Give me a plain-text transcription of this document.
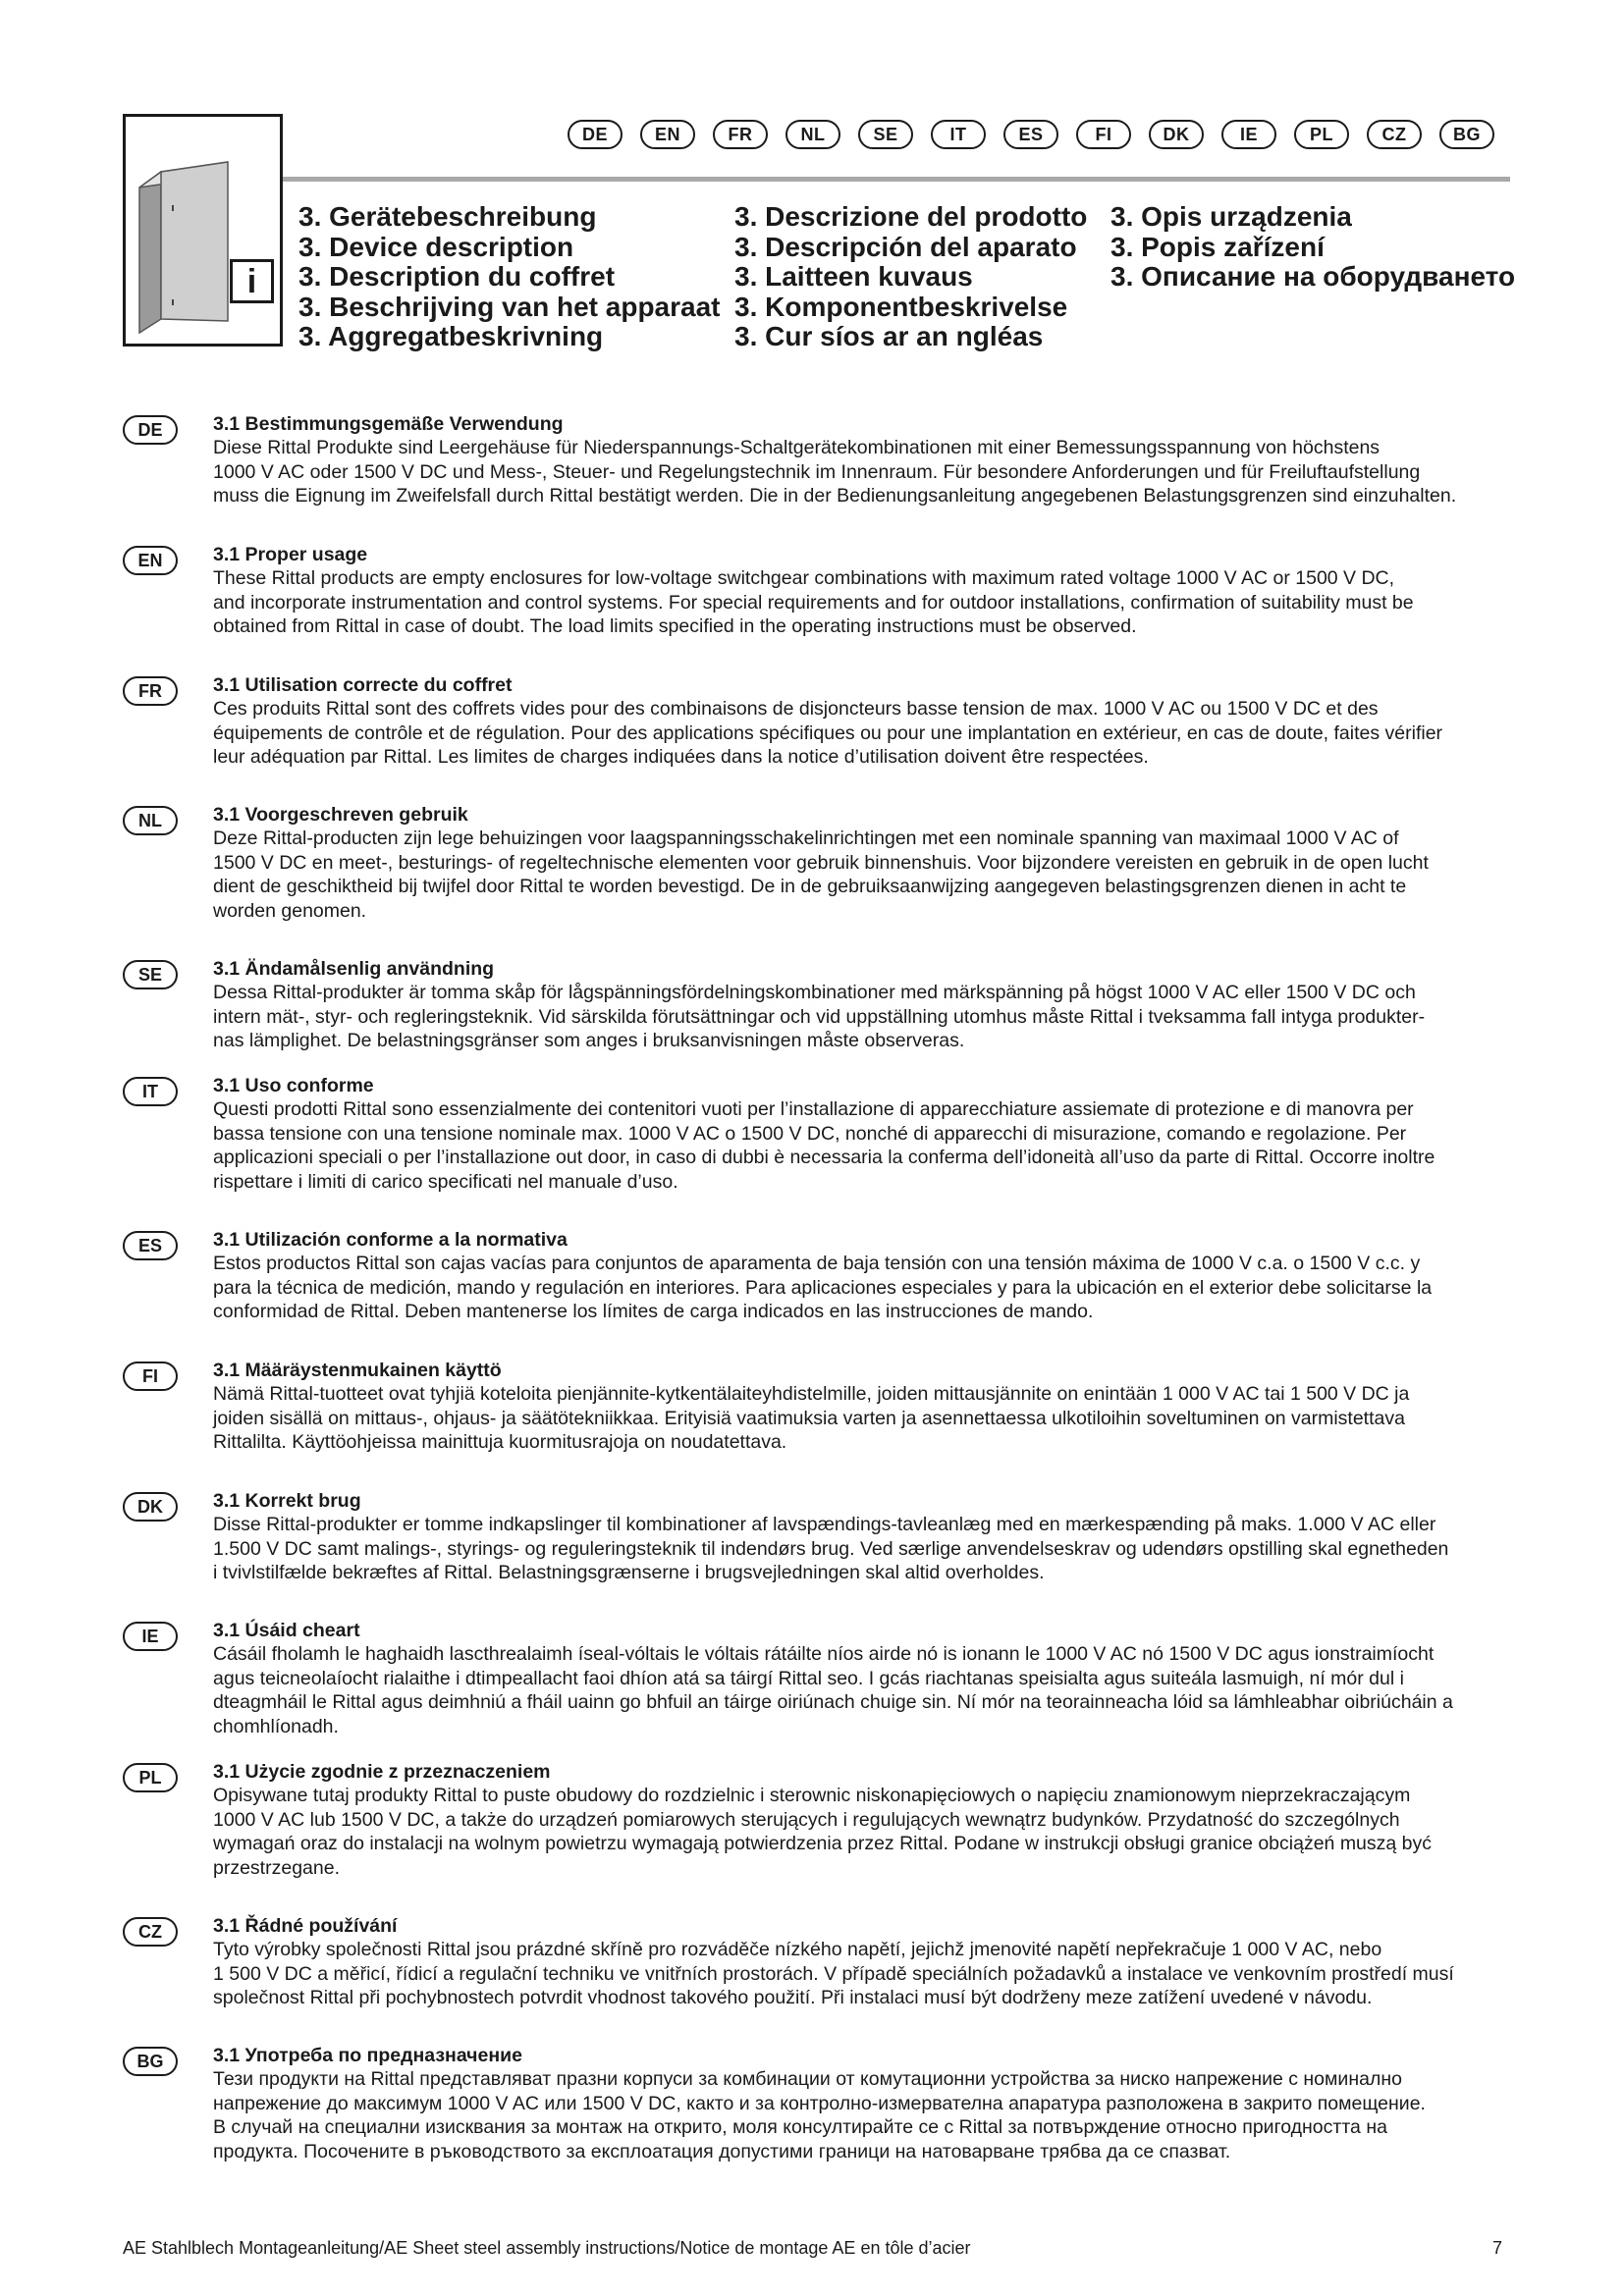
i
DE	EN	FR	NL	SE	IT	ES	FI	DK	IE	PL	CZ	BG
3. Gerätebeschreibung
3. Device description
3. Description du coffret
3. Beschrijving van het apparaat
3. Aggregatbeskrivning
3. Descrizione del prodotto
3. Descripción del aparato
3. Laitteen kuvaus
3. Komponentbeskrivelse
3. Cur síos ar an ngléas
3. Opis urządzenia
3. Popis zařízení
3. Описание на оборудването
DE	3.1 Bestimmungsgemäße Verwendung

Diese Rittal Produkte sind Leergehäuse für Niederspannungs-Schaltgerätekombinationen mit einer Bemessungsspannung von höchstens
1000 V AC oder 1500 V DC und Mess-, Steuer- und Regelungstechnik im Innenraum. Für besondere Anforderungen und für Freiluftaufstellung
muss die Eignung im Zweifelsfall durch Rittal bestätigt werden. Die in der Bedienungsanleitung angegebenen Belastungsgrenzen sind einzuhalten.

EN	3.1 Proper usage

These Rittal products are empty enclosures for low-voltage switchgear combinations with maximum rated voltage 1000 V AC or 1500 V DC,
and incorporate instrumentation and control systems. For special requirements and for outdoor installations, confirmation of suitability must be
obtained from Rittal in case of doubt. The load limits specified in the operating instructions must be observed.

FR	3.1 Utilisation correcte du coffret

Ces produits Rittal sont des coffrets vides pour des combinaisons de disjoncteurs basse tension de max. 1000 V AC ou 1500 V DC et des
équipements de contrôle et de régulation. Pour des applications spécifiques ou pour une implantation en extérieur, en cas de doute, faites vérifier
leur adéquation par Rittal. Les limites de charges indiquées dans la notice d’utilisation doivent être respectées.

NL	3.1 Voorgeschreven gebruik

Deze Rittal-producten zijn lege behuizingen voor laagspanningsschakelinrichtingen met een nominale spanning van maximaal 1000 V AC of
1500 V DC en meet-, besturings- of regeltechnische elementen voor gebruik binnenshuis. Voor bijzondere vereisten en gebruik in de open lucht
dient de geschiktheid bij twijfel door Rittal te worden bevestigd. De in de gebruiksaanwijzing aangegeven belastingsgrenzen dienen in acht te
worden genomen.

SE	3.1 Ändamålsenlig användning

Dessa Rittal-produkter är tomma skåp för lågspänningsfördelningskombinationer med märkspänning på högst 1000 V AC eller 1500 V DC och
intern mät-, styr- och regleringsteknik. Vid särskilda förutsättningar och vid uppställning utomhus måste Rittal i tveksamma fall intyga produkter-
nas lämplighet. De belastningsgränser som anges i bruksanvisningen måste observeras.

IT	3.1 Uso conforme

Questi prodotti Rittal sono essenzialmente dei contenitori vuoti per l’installazione di apparecchiature assiemate di protezione e di manovra per
bassa tensione con una tensione nominale max. 1000 V AC o 1500 V DC, nonché di apparecchi di misurazione, comando e regolazione. Per
applicazioni speciali o per l’installazione out door, in caso di dubbi è necessaria la conferma dell’idoneità all’uso da parte di Rittal. Occorre inoltre
rispettare i limiti di carico specificati nel manuale d’uso.

ES	3.1 Utilización conforme a la normativa

Estos productos Rittal son cajas vacías para conjuntos de aparamenta de baja tensión con una tensión máxima de 1000 V c.a. o 1500 V c.c. y
para la técnica de medición, mando y regulación en interiores. Para aplicaciones especiales y para la ubicación en el exterior debe solicitarse la
conformidad de Rittal. Deben mantenerse los límites de carga indicados en las instrucciones de mando.

FI	3.1 Määräystenmukainen käyttö

Nämä Rittal-tuotteet ovat tyhjiä koteloita pienjännite-kytkentälaiteyhdistelmille, joiden mittausjännite on enintään 1 000 V AC tai 1 500 V DC ja
joiden sisällä on mittaus-, ohjaus- ja säätötekniikkaa. Erityisiä vaatimuksia varten ja asennettaessa ulkotiloihin soveltuminen on varmistettava
Rittalilta. Käyttöohjeissa mainittuja kuormitusrajoja on noudatettava.

DK	3.1 Korrekt brug

Disse Rittal-produkter er tomme indkapslinger til kombinationer af lavspændings-tavleanlæg med en mærkespænding på maks. 1.000 V AC eller
1.500 V DC samt malings-, styrings- og reguleringsteknik til indendørs brug. Ved særlige anvendelseskrav og udendørs opstilling skal egnetheden
i tvivlstilfælde bekræftes af Rittal. Belastningsgrænserne i brugsvejledningen skal altid overholdes.

IE	3.1 Úsáid cheart

Cásáil fholamh le haghaidh lascthrealaimh íseal-vóltais le vóltais rátáilte níos airde nó is ionann le 1000 V AC nó 1500 V DC agus ionstraimíocht
agus teicneolaíocht rialaithe i dtimpeallacht faoi dhíon atá sa táirgí Rittal seo. I gcás riachtanas speisialta agus suiteála lasmuigh, ní mór dul i
dteagmháil le Rittal agus deimhniú a fháil uainn go bhfuil an táirge oiriúnach chuige sin. Ní mór na teorainneacha lóid sa lámhleabhar oibriúcháin a
chomhlíonadh.

PL	3.1 Użycie zgodnie z przeznaczeniem

Opisywane tutaj produkty Rittal to puste obudowy do rozdzielnic i sterownic niskonapięciowych o napięciu znamionowym nieprzekraczającym
1000 V AC lub 1500 V DC, a także do urządzeń pomiarowych sterujących i regulujących wewnątrz budynków. Przydatność do szczególnych
wymagań oraz do instalacji na wolnym powietrzu wymagają potwierdzenia przez Rittal. Podane w instrukcji obsługi granice obciążeń muszą być
przestrzegane.

CZ	3.1 Řádné používání

Tyto výrobky společnosti Rittal jsou prázdné skříně pro rozváděče nízkého napětí, jejichž jmenovité napětí nepřekračuje 1 000 V AC, nebo
1 500 V DC a měřicí, řídicí a regulační techniku ve vnitřních prostorách. V případě speciálních požadavků a instalace ve venkovním prostředí musí
společnost Rittal při pochybnostech potvrdit vhodnost takového použití. Při instalaci musí být dodrženy meze zatížení uvedené v návodu.

BG	3.1 Употреба по предназначение

Тези продукти на Rittal представляват празни корпуси за комбинации от комутационни устройства за ниско напрежение с номинално
напрежение до максимум 1000 V AC или 1500 V DC, както и за контролно-измервателна апаратура разположена в закрито помещение.
В случай на специални изисквания за монтаж на открито, моля консултирайте се с Rittal за потвърждение относно пригодността на
продукта. Посочените в ръководството за експлоатация допустими граници на натоварване трябва да се спазват.

AE Stahlblech Montageanleitung/AE Sheet steel assembly instructions/Notice de montage AE en tôle d’acier	7
